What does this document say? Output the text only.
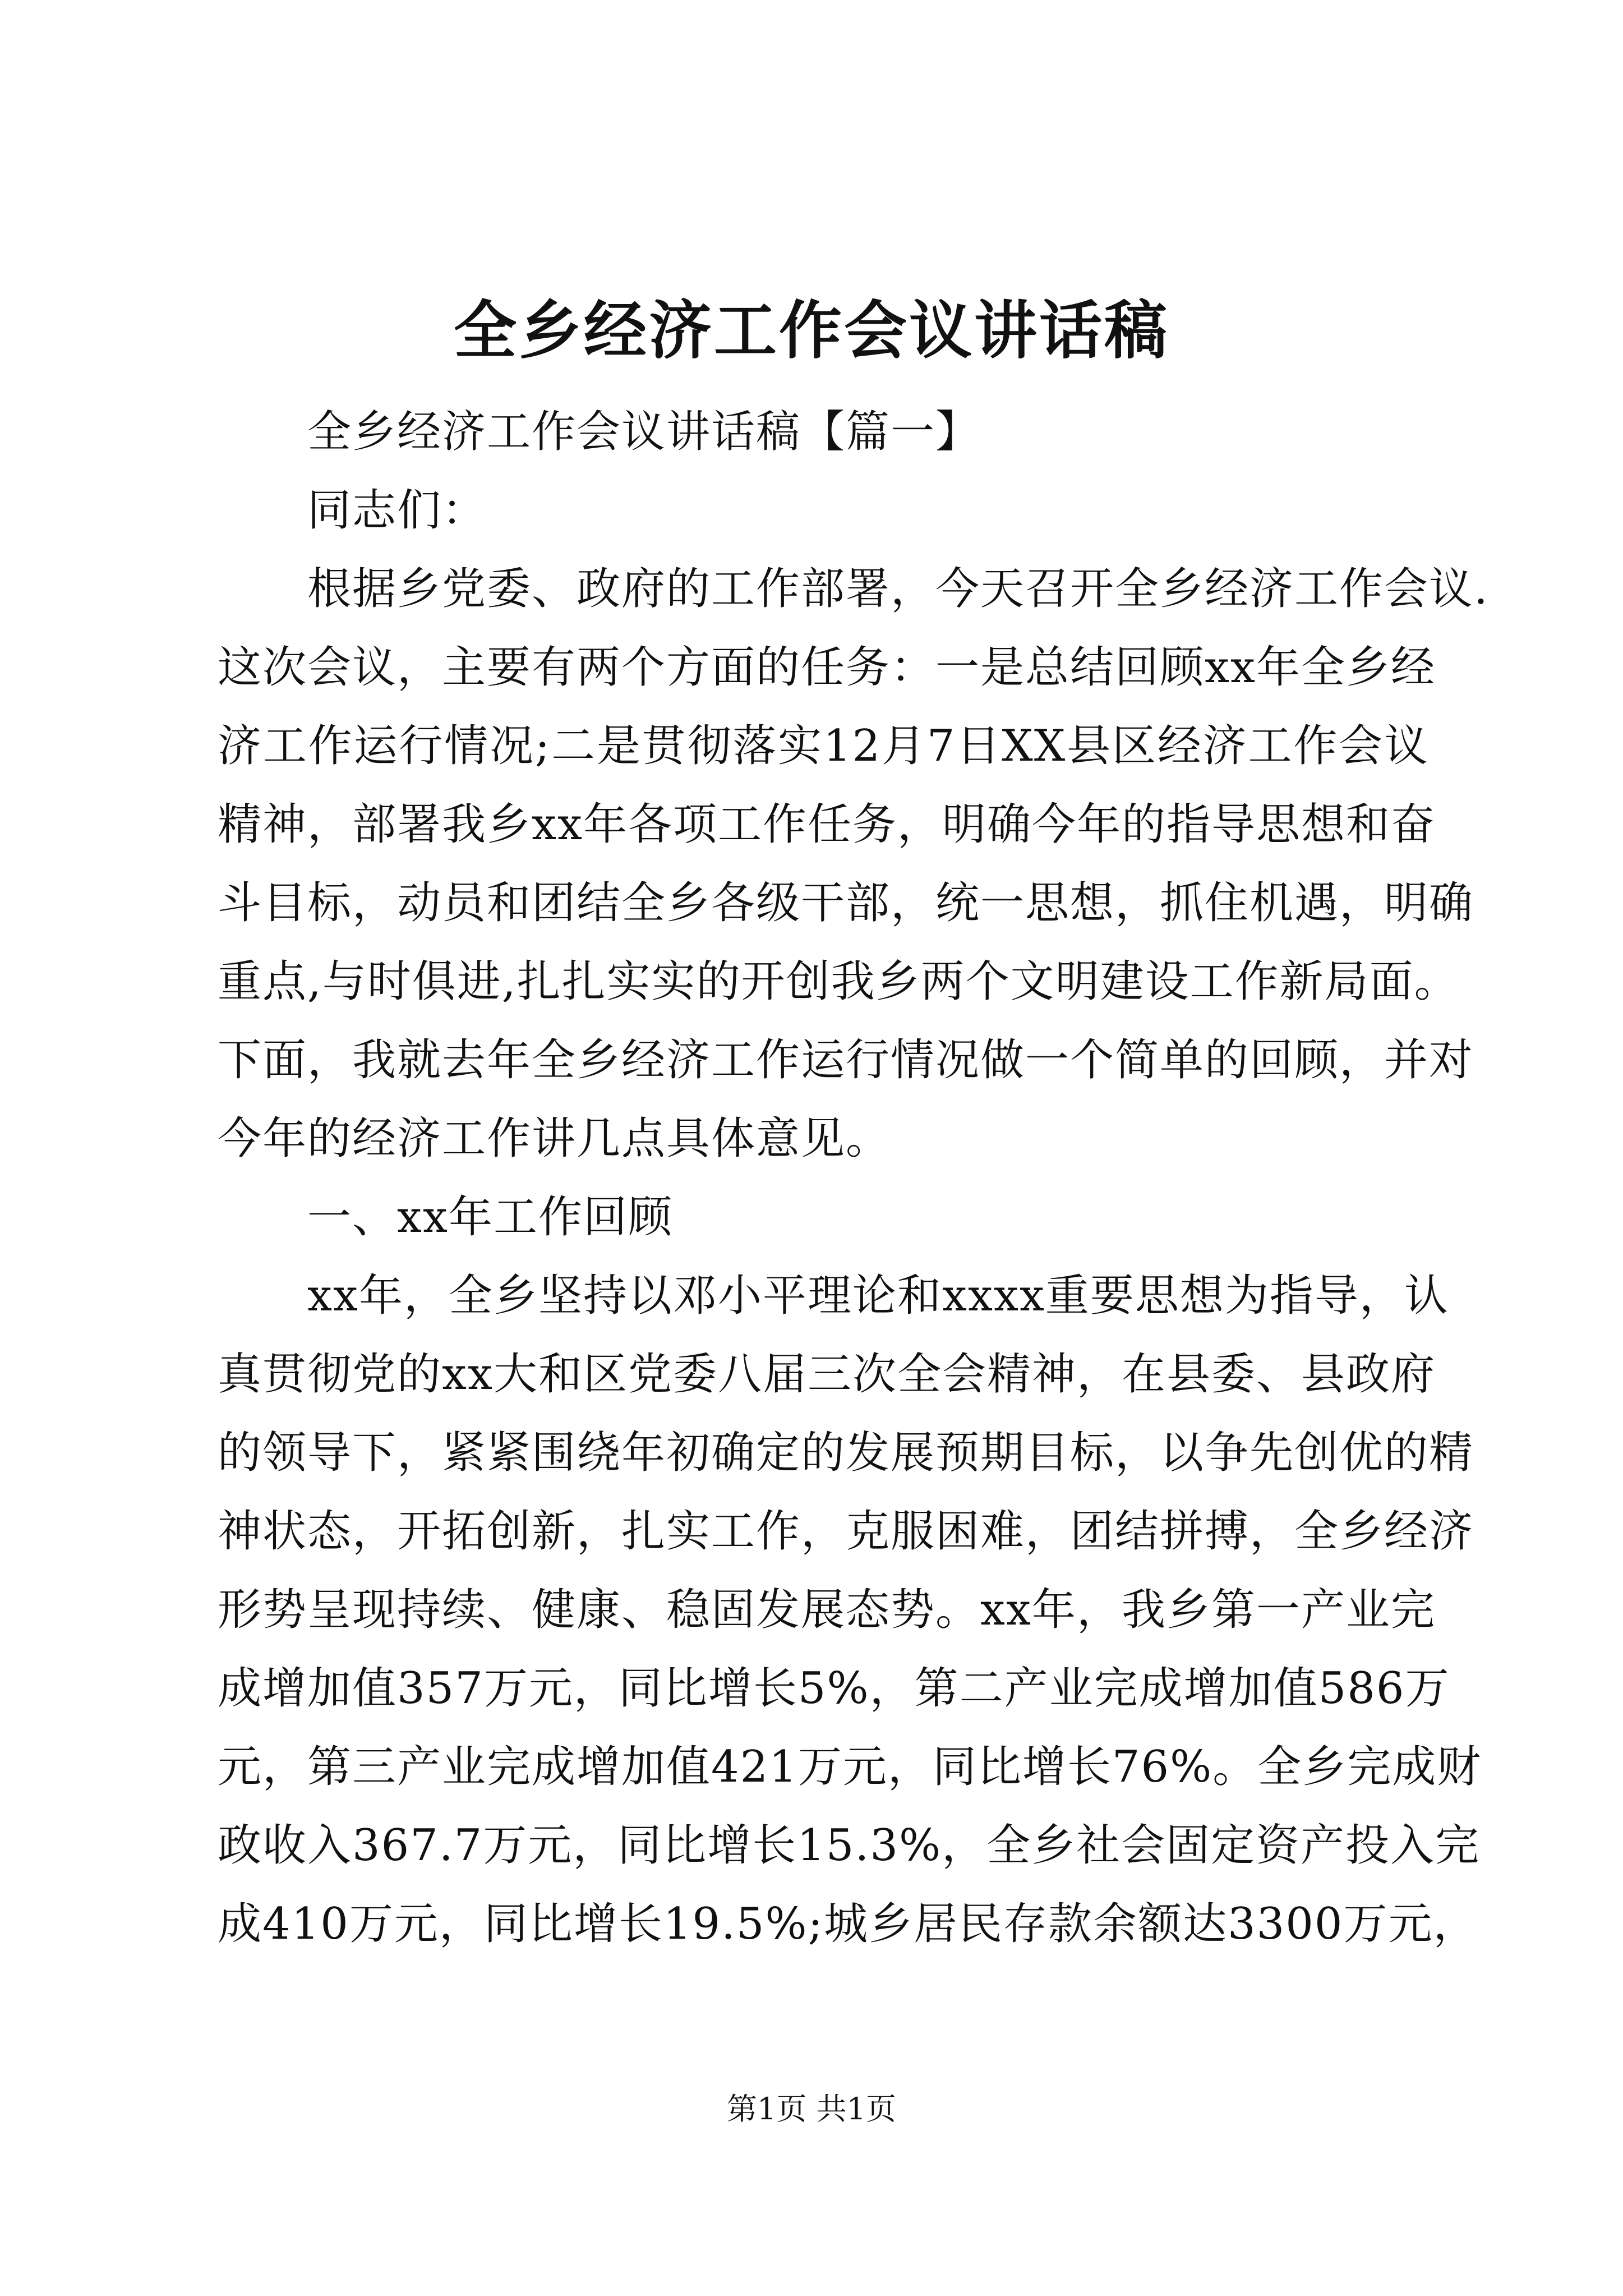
全乡经济工作会议讲话稿
全乡经济工作会议讲话稿【篇一】
同志们：
根据乡党委、政府的工作部署，今天召开全乡经济工作会议.
这次会议，主要有两个方面的任务：一是总结回顾xx年全乡经
济工作运行情况;二是贯彻落实12月7日XX县区经济工作会议
精神，部署我乡xx年各项工作任务，明确今年的指导思想和奋
斗目标，动员和团结全乡各级干部，统一思想，抓住机遇，明确
重点,与时俱进,扎扎实实的开创我乡两个文明建设工作新局面。
下面，我就去年全乡经济工作运行情况做一个简单的回顾，并对
今年的经济工作讲几点具体意见。
一、xx年工作回顾
xx年，全乡坚持以邓小平理论和xxxx重要思想为指导，认
真贯彻党的xx大和区党委八届三次全会精神，在县委、县政府
的领导下，紧紧围绕年初确定的发展预期目标，以争先创优的精
神状态，开拓创新，扎实工作，克服困难，团结拼搏，全乡经济
形势呈现持续、健康、稳固发展态势。xx年，我乡第一产业完
成增加值357万元，同比增长5%，第二产业完成增加值586万
元，第三产业完成增加值421万元，同比增长76%。全乡完成财
政收入367.7万元，同比增长15.3%，全乡社会固定资产投入完
成410万元，同比增长19.5%;城乡居民存款余额达3300万元，
第1页 共1页
